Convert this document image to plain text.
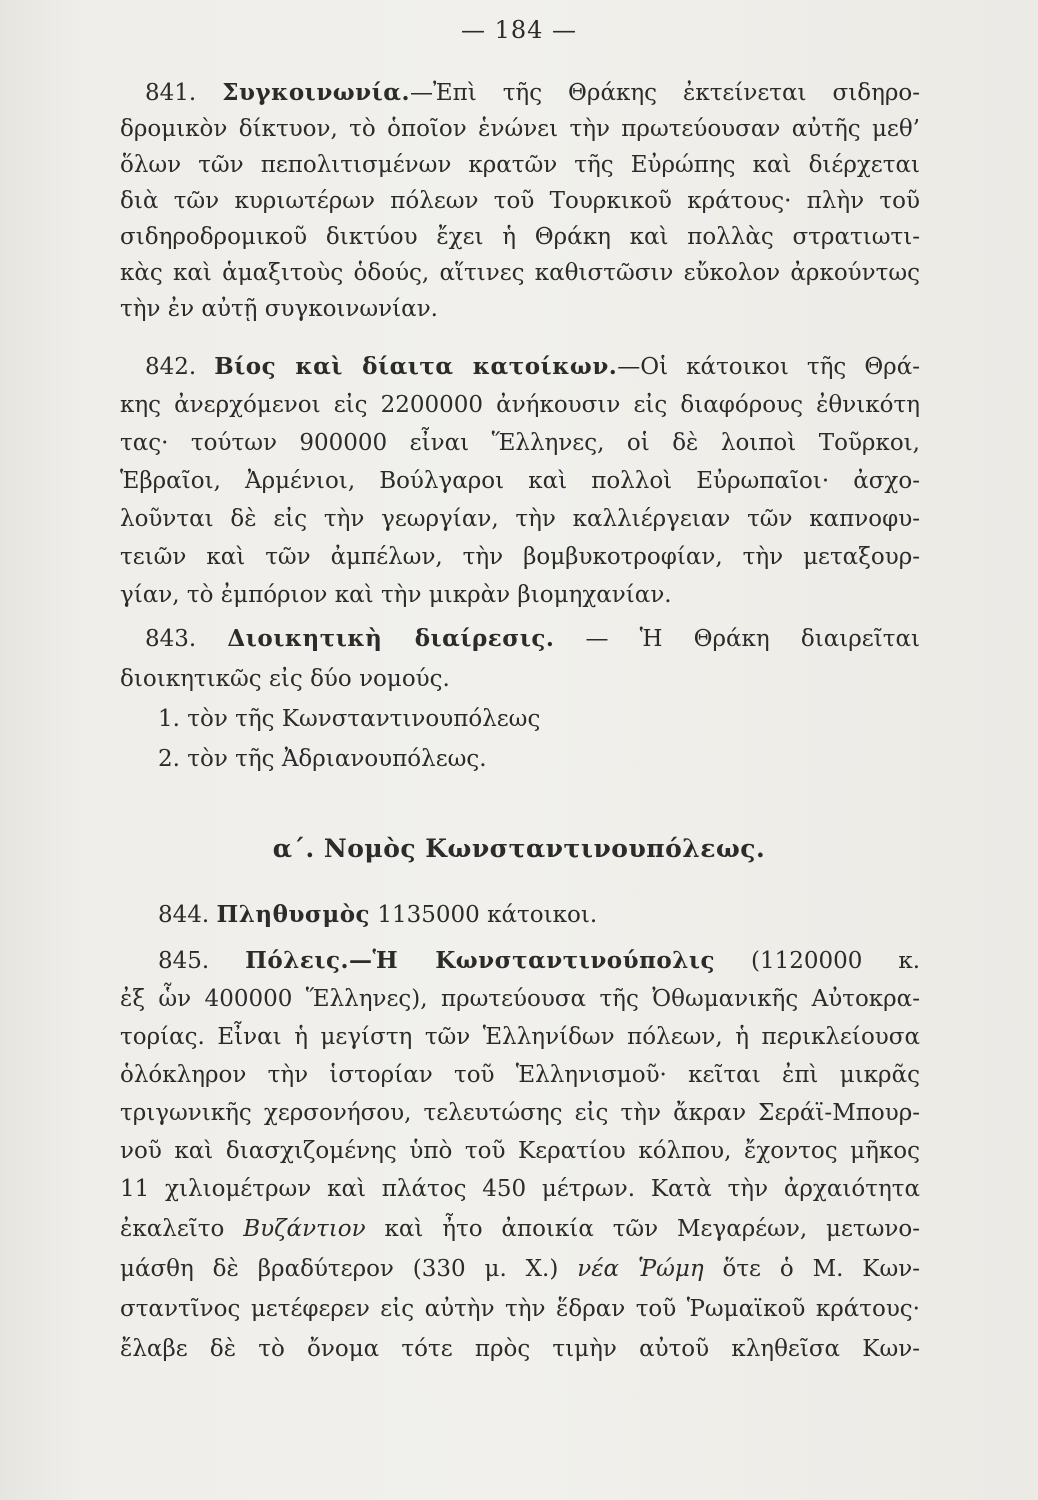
— 184 —
841. Συγκοινωνία.—Ἐπὶ τῆς Θράκης ἐκτείνεται σιδηρο-
δρομικὸν δίκτυον, τὸ ὁποῖον ἑνώνει τὴν πρωτεύουσαν αὐτῆς μεθ’
ὅλων τῶν πεπολιτισμένων κρατῶν τῆς Εὐρώπης καὶ διέρχεται
διὰ τῶν κυριωτέρων πόλεων τοῦ Τουρκικοῦ κράτους· πλὴν τοῦ
σιδηροδρομικοῦ δικτύου ἔχει ἡ Θράκη καὶ πολλὰς στρατιωτι-
κὰς καὶ ἁμαξιτοὺς ὁδούς, αἵτινες καθιστῶσιν εὔκολον ἀρκούντως
τὴν ἐν αὐτῇ συγκοινωνίαν.
842. Βίος καὶ δίαιτα κατοίκων.—Οἱ κάτοικοι τῆς Θρά-
κης ἀνερχόμενοι εἰς 2200000 ἀνήκουσιν εἰς διαφόρους ἐθνικότη
τας· τούτων 900000 εἶναι Ἕλληνες, οἱ δὲ λοιποὶ Τοῦρκοι,
Ἑβραῖοι, Ἀρμένιοι, Βούλγαροι καὶ πολλοὶ Εὐρωπαῖοι· ἀσχο-
λοῦνται δὲ εἰς τὴν γεωργίαν, τὴν καλλιέργειαν τῶν καπνοφυ-
τειῶν καὶ τῶν ἀμπέλων, τὴν βομβυκοτροφίαν, τὴν μεταξουρ-
γίαν, τὸ ἐμπόριον καὶ τὴν μικρὰν βιομηχανίαν.
843. Διοικητικὴ διαίρεσις. — Ἡ Θράκη διαιρεῖται
διοικητικῶς εἰς δύο νομούς.
1. τὸν τῆς Κωνσταντινουπόλεως
2. τὸν τῆς Ἀδριανουπόλεως.
α΄. Νομὸς Κωνσταντινουπόλεως.
844. Πληθυσμὸς 1135000 κάτοικοι.
845. Πόλεις.—Ἡ Κωνσταντινούπολις (1120000 κ.
ἐξ ὧν 400000 Ἕλληνες), πρωτεύουσα τῆς Ὀθωμανικῆς Αὐτοκρα-
τορίας. Εἶναι ἡ μεγίστη τῶν Ἑλληνίδων πόλεων, ἡ περικλείουσα
ὁλόκληρον τὴν ἱστορίαν τοῦ Ἑλληνισμοῦ· κεῖται ἐπὶ μικρᾶς
τριγωνικῆς χερσονήσου, τελευτώσης εἰς τὴν ἄκραν Σεράϊ-Μπουρ-
νοῦ καὶ διασχιζομένης ὑπὸ τοῦ Κερατίου κόλπου, ἔχοντος μῆκος
11 χιλιομέτρων καὶ πλάτος 450 μέτρων. Κατὰ τὴν ἀρχαιότητα
ἐκαλεῖτο Βυζάντιον καὶ ἦτο ἀποικία τῶν Μεγαρέων, μετωνο-
μάσθη δὲ βραδύτερον (330 μ. Χ.) νέα Ῥώμη ὅτε ὁ Μ. Κων-
σταντῖνος μετέφερεν εἰς αὐτὴν τὴν ἕδραν τοῦ Ῥωμαϊκοῦ κράτους·
ἔλαβε δὲ τὸ ὄνομα τότε πρὸς τιμὴν αὐτοῦ κληθεῖσα Κων-
